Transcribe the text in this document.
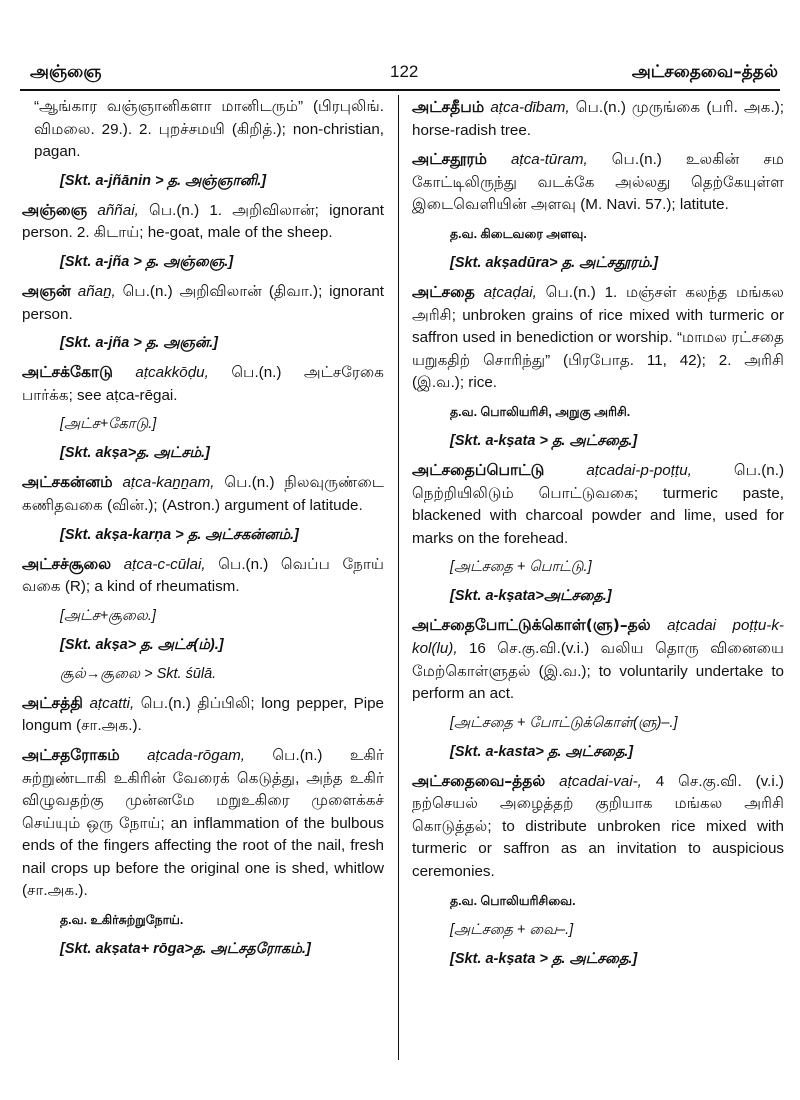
அஞ்ஞை	122	அட்சதைவை–த்தல்
“ஆங்கார வஞ்ஞானிகளா மானிடரும்” (பிரபுலிங். விமலை. 29.). 2. புறச்சமயி (கிறித்.); non-christian, pagan.
[Skt. a-jñānin > த. அஞ்ஞானி.]
அஞ்ஞை aññai, பெ.(n.) 1. அறிவிலான்; ignorant person. 2. கிடாய்; he-goat, male of the sheep.
[Skt. a-jña > த. அஞ்ஞை.]
அஞன் añaṉ, பெ.(n.) அறிவிலான் (திவா.); ignorant person.
[Skt. a-jña > த. அஞன்.]
அட்சக்கோடு aṭcakkōḍu, பெ.(n.) அட்சரேகை பார்க்க; see aṭca-rēgai.
[அட்ச+கோடு.]
[Skt. akṣa>த. அட்சம்.]
அட்சகன்னம் aṭca-kaṉṉam, பெ.(n.) நிலவுருண்டை கணிதவகை (வின்.); (Astron.) argument of latitude.
[Skt. akṣa-karṇa > த. அட்சகன்னம்.]
அட்சச்சூலை aṭca-c-cūlai, பெ.(n.) வெப்ப நோய் வகை (R); a kind of rheumatism.
[அட்ச+சூலை.]
[Skt. akṣa> த. அட்ச(ம்).]
சூல்→சூலை > Skt. śūlā.
அட்சத்தி aṭcatti, பெ.(n.) திப்பிலி; long pepper, Pipe longum (சா.அக.).
அட்சதரோகம் aṭcada-rōgam, பெ.(n.) உகிர் சுற்றுண்டாகி உகிரின் வேரைக் கெடுத்து, அந்த உகிர் விழுவதற்கு முன்னமே மறுஉகிரை முளைக்கச் செய்யும் ஒரு நோய்; an inflammation of the bulbous ends of the fingers affecting the root of the nail, fresh nail crops up before the original one is shed, whitlow (சா.அக.).
த.வ. உகிர்சுற்றுநோய்.
[Skt. akṣata+ rōga>த. அட்சதரோகம்.]
அட்சதீபம் aṭca-dībam, பெ.(n.) முருங்கை (பரி. அக.); horse-radish tree.
அட்சதூரம் aṭca-tūram, பெ.(n.) உலகின் சம கோட்டிலிருந்து வடக்கே அல்லது தெற்கேயுள்ள இடைவெளியின் அளவு (M. Navi. 57.); latitute.
த.வ. கிடைவரை அளவு.
[Skt. akṣadūra> த. அட்சதூரம்.]
அட்சதை aṭcaḍai, பெ.(n.) 1. மஞ்சள் கலந்த மங்கல அரிசி; unbroken grains of rice mixed with turmeric or saffron used in benediction or worship. “மாமல ரட்சதை யறுகதிற் சொரிந்து” (பிரபோத. 11, 42); 2. அரிசி (இ.வ.); rice.
த.வ. பொலியரிசி, அறுகு அரிசி.
[Skt. a-kṣata > த. அட்சதை.]
அட்சதைப்பொட்டு	aṭcadai-p-poṭṭu, பெ.(n.) நெற்றியிலிடும் பொட்டுவகை; turmeric paste, blackened with charcoal powder and lime, used for marks on the forehead.
[அட்சதை + பொட்டு.]
[Skt. a-kṣata>அட்சதை.]
அட்சதைபோட்டுக்கொள்(ளு)–தல் aṭcadai poṭṭu-k-kol(lu), 16 செ.கு.வி.(v.i.) வலிய தொரு வினையை மேற்கொள்ளுதல் (இ.வ.); to voluntarily undertake to perform an act.
[அட்சதை + போட்டுக்கொள்(ளு)–.]
[Skt. a-kasta> த. அட்சதை.]
அட்சதைவை–த்தல் aṭcadai-vai-, 4 செ.கு.வி. (v.i.) நற்செயல் அழைத்தற் குறியாக மங்கல அரிசி கொடுத்தல்; to distribute unbroken rice mixed with turmeric or saffron as an invitation to auspicious ceremonies.
த.வ. பொலியரிசிவை.
[அட்சதை + வை–.]
[Skt. a-kṣata > த. அட்சதை.]
